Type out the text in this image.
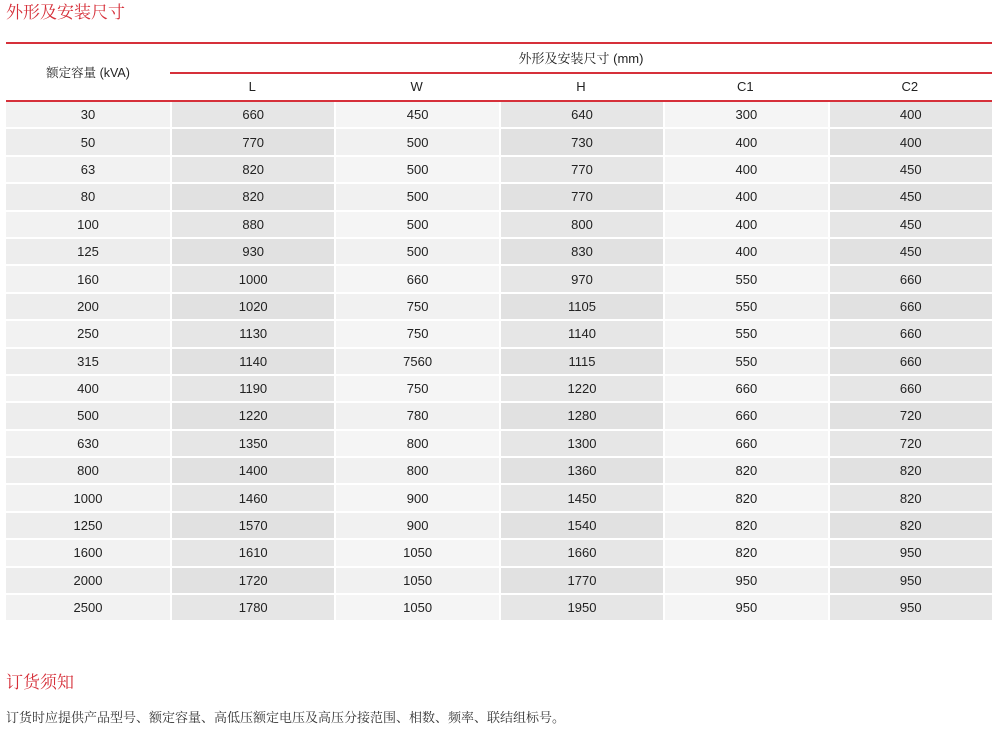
外形及安装尺寸
额定容量 (kVA)	外形及安装尺寸 (mm)				
	L	W	H	C1	C2
30	660	450	640	300	400
50	770	500	730	400	400
63	820	500	770	400	450
80	820	500	770	400	450
100	880	500	800	400	450
125	930	500	830	400	450
160	1000	660	970	550	660
200	1020	750	1105	550	660
250	1130	750	1140	550	660
315	1140	7560	1115	550	660
400	1190	750	1220	660	660
500	1220	780	1280	660	720
630	1350	800	1300	660	720
800	1400	800	1360	820	820
1000	1460	900	1450	820	820
1250	1570	900	1540	820	820
1600	1610	1050	1660	820	950
2000	1720	1050	1770	950	950
2500	1780	1050	1950	950	950
订货须知

订货时应提供产品型号、额定容量、高低压额定电压及高压分接范围、相数、频率、联结组标号。
